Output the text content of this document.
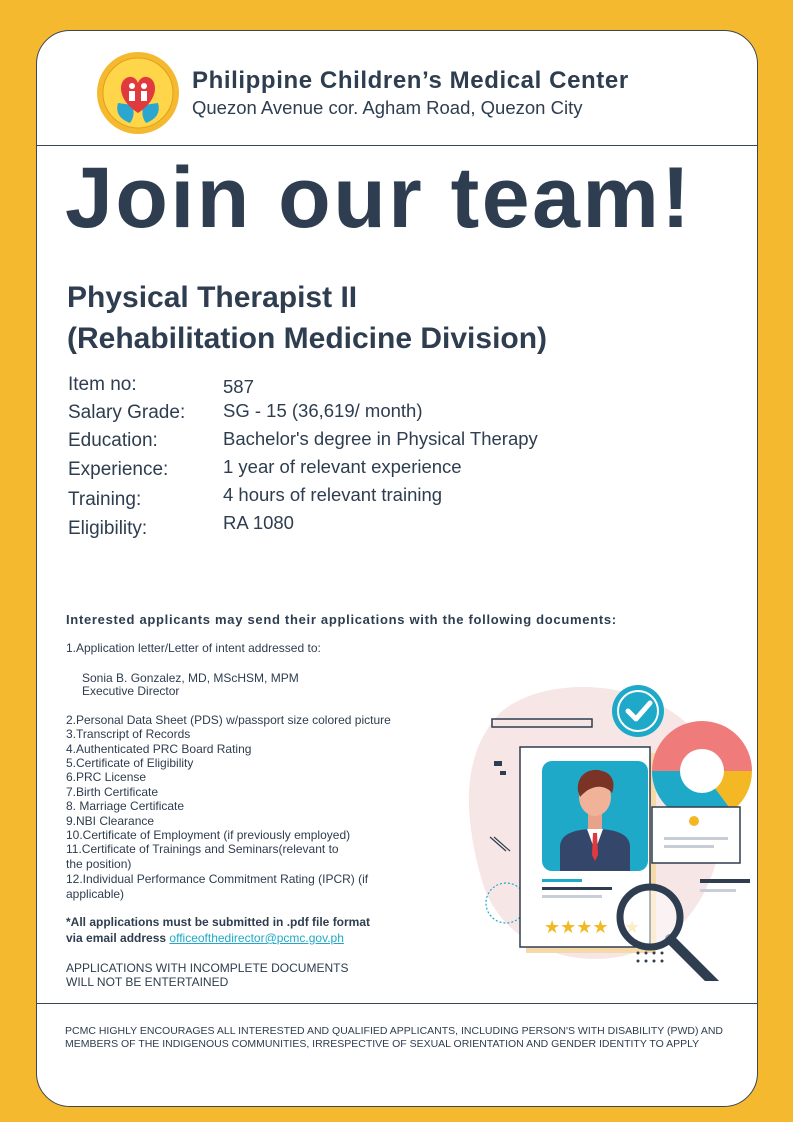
Philippine Children’s Medical Center
Quezon Avenue cor. Agham Road, Quezon City
Join our team!
Physical Therapist II
(Rehabilitation Medicine Division)
Item no:	587
Salary Grade: SG - 15 (36,619/ month)
Education:	Bachelor's degree in Physical Therapy
Experience:	1 year of relevant experience
Training:	4 hours of relevant training
Eligibility:	RA 1080
Interested applicants may send their applications with the following documents:
1.Application letter/Letter of intent addressed to:
Sonia B. Gonzalez, MD, MScHSM, MPM
Executive Director
2.Personal Data Sheet (PDS) w/passport size colored picture
3.Transcript of Records
4.Authenticated PRC Board Rating
5.Certificate of Eligibility
6.PRC License
7.Birth Certificate
8. Marriage Certificate
9.NBI Clearance
10.Certificate of Employment (if previously employed)
11.Certificate of Trainings and Seminars(relevant to
the position)
12.Individual Performance Commitment Rating (IPCR) (if
applicable)
*All applications must be submitted in .pdf file format
via email address officeofthedirector@pcmc.gov.ph
APPLICATIONS WITH INCOMPLETE DOCUMENTS
WILL NOT BE ENTERTAINED
★★★★
PCMC HIGHLY ENCOURAGES ALL INTERESTED AND QUALIFIED APPLICANTS, INCLUDING PERSON'S WITH DISABILITY (PWD) AND MEMBERS OF THE INDIGENOUS COMMUNITIES, IRRESPECTIVE OF SEXUAL ORIENTATION AND GENDER IDENTITY TO APPLY
